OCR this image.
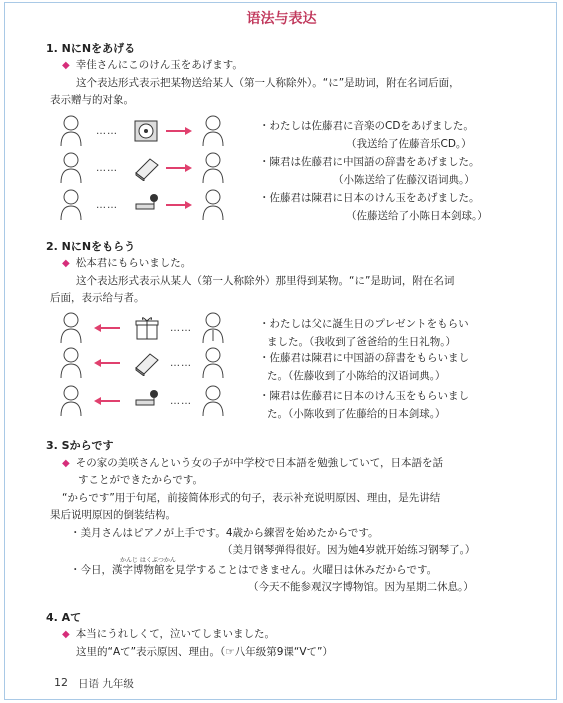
语法与表达
1. NにNをあげる
◆ 幸佳さんにこのけん玉をあげます。
这个表达形式表示把某物送给某人（第一人称除外）。“に”是助词，附在名词后面，
表示赠与的对象。
……	・わたしは佐藤君に音楽のCDをあげました。
（我送给了佐藤音乐CD。）
……
・陳君は佐藤君に中国語の辞書をあげました。
（小陈送给了佐藤汉语词典。）
……
・佐藤君は陳君に日本のけん玉をあげました。
（佐藤送给了小陈日本剑球。）
2. NにNをもらう
◆ 松本君にもらいました。
这个表达形式表示从某人（第一人称除外）那里得到某物。“に”是助词，附在名词
后面，表示给与者。
……	・わたしは父に誕生日のプレゼントをもらい
ました。（我收到了爸爸给的生日礼物。）
……	・佐藤君は陳君に中国語の辞書をもらいまし
た。（佐藤收到了小陈给的汉语词典。）
……	・陳君は佐藤君に日本のけん玉をもらいまし
た。（小陈收到了佐藤给的日本剑球。）
3. Sからです
◆ その家の美咲さんという女の子が中学校で日本語を勉強していて，日本語を話
すことができたからです。
“からです”用于句尾，前接简体形式的句子，表示补充说明原因、理由，是先讲结
果后说明原因的倒装结构。
・美月さんはピアノが上手です。4歳から練習を始めたからです。
（美月钢琴弹得很好。因为她4岁就开始练习钢琴了。）
かんじ はくぶつかん
・今日，漢字博物館を見学することはできません。火曜日は休みだからです。
（今天不能参观汉字博物馆。因为星期二休息。）
4. Aて
◆ 本当にうれしくて，泣いてしまいました。
这里的“Aて”表示原因、理由。（☞八年级第9课“Vて”）
12 日语 九年级
